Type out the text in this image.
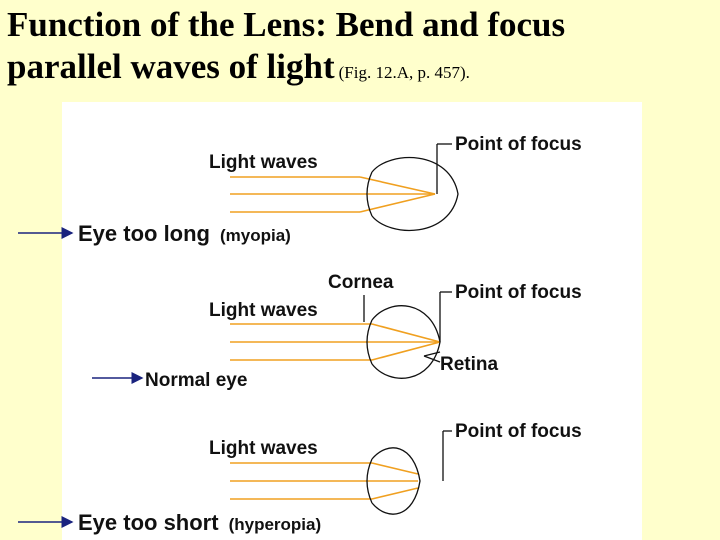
Function of the Lens: Bend and focus
parallel waves of light (Fig. 12.A, p. 457).
Light waves
Point of focus
Eye too long (myopia)
Cornea
Light waves
Point of focus
Retina
Normal eye
Light waves
Point of focus
Eye too short (hyperopia)
